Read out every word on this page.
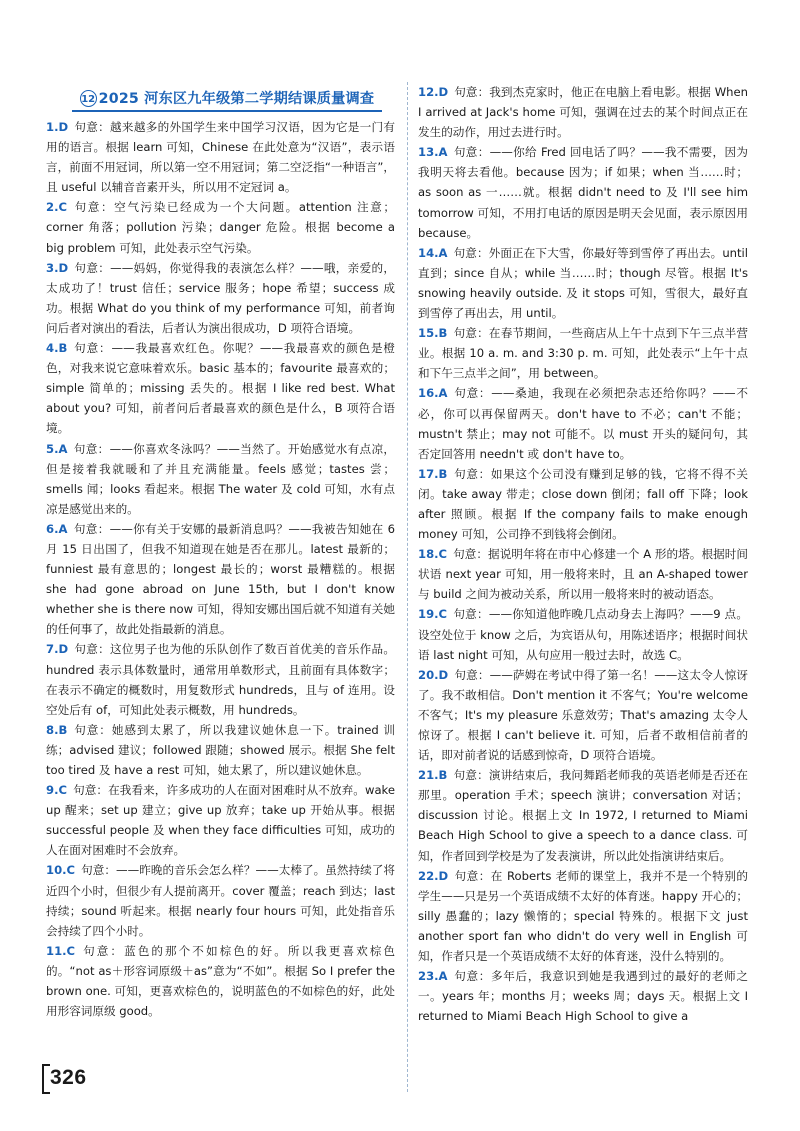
12 2025 河东区九年级第二学期结课质量调查

1.D 句意：越来越多的外国学生来中国学习汉语，因为它是一门有用的语言。根据 learn 可知，Chinese 在此处意为“汉语”，表示语言，前面不用冠词，所以第一空不用冠词；第二空泛指“一种语言”，且 useful 以辅音音素开头，所以用不定冠词 a。

2.C 句意：空气污染已经成为一个大问题。attention 注意；corner 角落；pollution 污染；danger 危险。根据 become a big problem 可知，此处表示空气污染。

3.D 句意：——妈妈，你觉得我的表演怎么样？——哦，亲爱的，太成功了！trust 信任；service 服务；hope 希望；success 成功。根据 What do you think of my performance 可知，前者询问后者对演出的看法，后者认为演出很成功，D 项符合语境。

4.B 句意：——我最喜欢红色。你呢？——我最喜欢的颜色是橙色，对我来说它意味着欢乐。basic 基本的；favourite 最喜欢的；simple 简单的；missing 丢失的。根据 I like red best. What about you? 可知，前者问后者最喜欢的颜色是什么，B 项符合语境。

5.A 句意：——你喜欢冬泳吗？——当然了。开始感觉水有点凉，但是接着我就暖和了并且充满能量。feels 感觉；tastes 尝；smells 闻；looks 看起来。根据 The water 及 cold 可知，水有点凉是感觉出来的。

6.A 句意：——你有关于安娜的最新消息吗？——我被告知她在 6 月 15 日出国了，但我不知道现在她是否在那儿。latest 最新的；funniest 最有意思的；longest 最长的；worst 最糟糕的。根据 she had gone abroad on June 15th, but I don't know whether she is there now 可知，得知安娜出国后就不知道有关她的任何事了，故此处指最新的消息。

7.D 句意：这位男子也为他的乐队创作了数百首优美的音乐作品。hundred 表示具体数量时，通常用单数形式，且前面有具体数字；在表示不确定的概数时，用复数形式 hundreds，且与 of 连用。设空处后有 of，可知此处表示概数，用 hundreds。

8.B 句意：她感到太累了，所以我建议她休息一下。trained 训练；advised 建议；followed 跟随；showed 展示。根据 She felt too tired 及 have a rest 可知，她太累了，所以建议她休息。

9.C 句意：在我看来，许多成功的人在面对困难时从不放弃。wake up 醒来；set up 建立；give up 放弃；take up 开始从事。根据 successful people 及 when they face difficulties 可知，成功的人在面对困难时不会放弃。

10.C 句意：——昨晚的音乐会怎么样？——太棒了。虽然持续了将近四个小时，但很少有人提前离开。cover 覆盖；reach 到达；last 持续；sound 听起来。根据 nearly four hours 可知，此处指音乐会持续了四个小时。

11.C 句意：蓝色的那个不如棕色的好。所以我更喜欢棕色的。“not as＋形容词原级＋as”意为“不如”。根据 So I prefer the brown one. 可知，更喜欢棕色的，说明蓝色的不如棕色的好，此处用形容词原级 good。

12.D 句意：我到杰克家时，他正在电脑上看电影。根据 When I arrived at Jack's home 可知，强调在过去的某个时间点正在发生的动作，用过去进行时。

13.A 句意：——你给 Fred 回电话了吗？——我不需要，因为我明天将去看他。because 因为；if 如果；when 当……时；as soon as 一……就。根据 didn't need to 及 I'll see him tomorrow 可知，不用打电话的原因是明天会见面，表示原因用 because。

14.A 句意：外面正在下大雪，你最好等到雪停了再出去。until 直到；since 自从；while 当……时；though 尽管。根据 It's snowing heavily outside. 及 it stops 可知，雪很大，最好直到雪停了再出去，用 until。

15.B 句意：在春节期间，一些商店从上午十点到下午三点半营业。根据 10 a. m. and 3:30 p. m. 可知，此处表示“上午十点和下午三点半之间”，用 between。

16.A 句意：——桑迪，我现在必须把杂志还给你吗？——不必，你可以再保留两天。don't have to 不必；can't 不能；mustn't 禁止；may not 可能不。以 must 开头的疑问句，其否定回答用 needn't 或 don't have to。

17.B 句意：如果这个公司没有赚到足够的钱，它将不得不关闭。take away 带走；close down 倒闭；fall off 下降；look after 照顾。根据 If the company fails to make enough money 可知，公司挣不到钱将会倒闭。

18.C 句意：据说明年将在市中心修建一个 A 形的塔。根据时间状语 next year 可知，用一般将来时，且 an A-shaped tower 与 build 之间为被动关系，所以用一般将来时的被动语态。

19.C 句意：——你知道他昨晚几点动身去上海吗？——9 点。设空处位于 know 之后，为宾语从句，用陈述语序；根据时间状语 last night 可知，从句应用一般过去时，故选 C。

20.D 句意：——萨姆在考试中得了第一名！——这太令人惊讶了。我不敢相信。Don't mention it 不客气；You're welcome 不客气；It's my pleasure 乐意效劳；That's amazing 太令人惊讶了。根据 I can't believe it. 可知，后者不敢相信前者的话，即对前者说的话感到惊奇，D 项符合语境。

21.B 句意：演讲结束后，我问舞蹈老师我的英语老师是否还在那里。operation 手术；speech 演讲；conversation 对话；discussion 讨论。根据上文 In 1972, I returned to Miami Beach High School to give a speech to a dance class. 可知，作者回到学校是为了发表演讲，所以此处指演讲结束后。

22.D 句意：在 Roberts 老师的课堂上，我并不是一个特别的学生——只是另一个英语成绩不太好的体育迷。happy 开心的；silly 愚蠢的；lazy 懒惰的；special 特殊的。根据下文 just another sport fan who didn't do very well in English 可知，作者只是一个英语成绩不太好的体育迷，没什么特别的。

23.A 句意：多年后，我意识到她是我遇到过的最好的老师之一。years 年；months 月；weeks 周；days 天。根据上文 I returned to Miami Beach High School to give a

326
